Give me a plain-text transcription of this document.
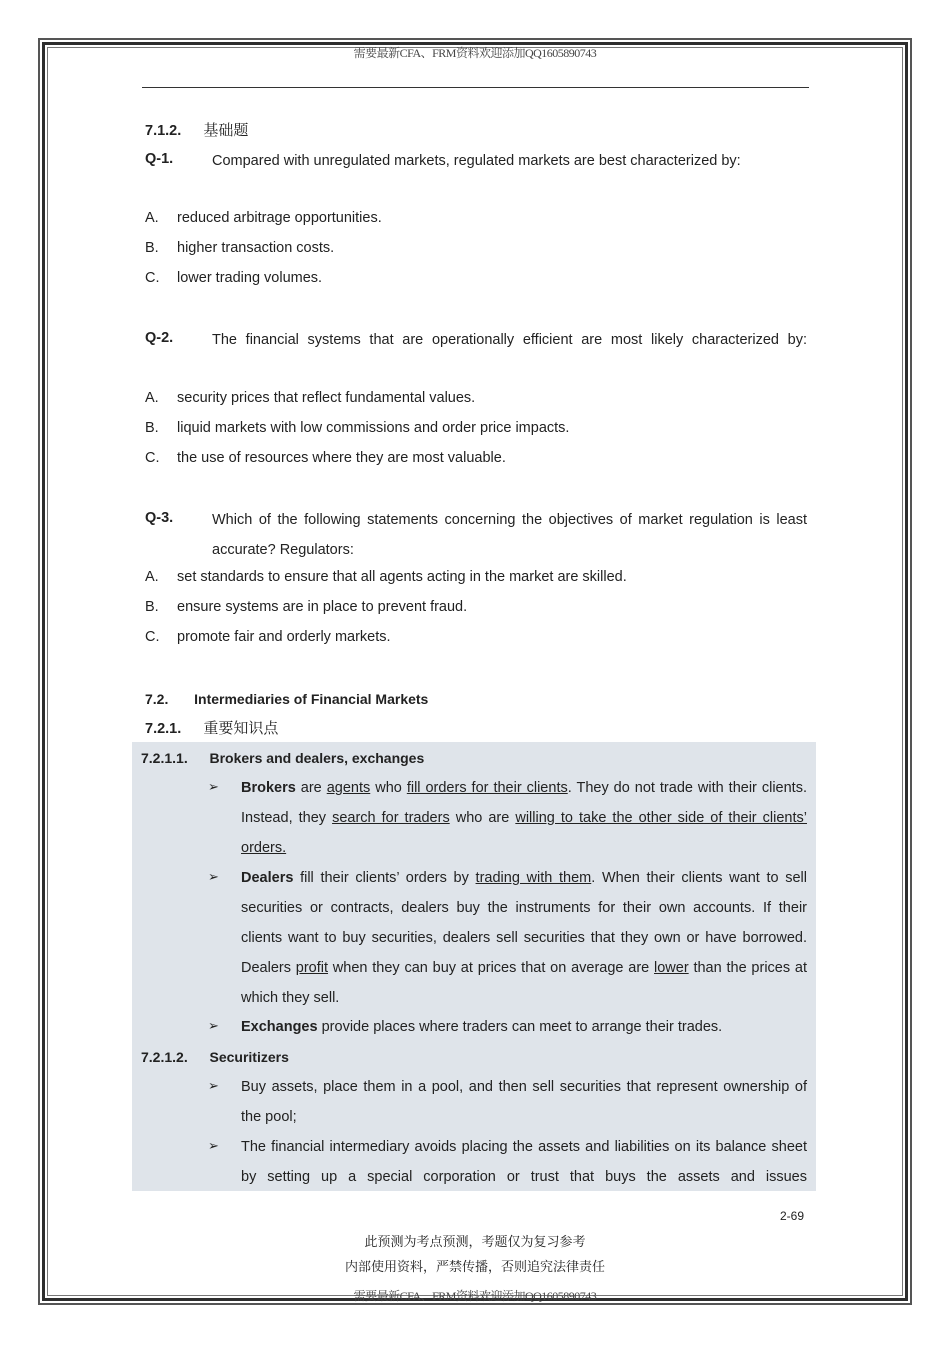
需要最新CFA、FRM资料欢迎添加QQ1605890743
7.1.2. 基础题
Q-1.	Compared with unregulated markets, regulated markets are best characterized by:
A. reduced arbitrage opportunities.
B. higher transaction costs.
C. lower trading volumes.
Q-2.	The financial systems that are operationally efficient are most likely characterized by:
A. security prices that reflect fundamental values.
B. liquid markets with low commissions and order price impacts.
C. the use of resources where they are most valuable.
Q-3.	Which of the following statements concerning the objectives of market regulation is least accurate? Regulators:
A. set standards to ensure that all agents acting in the market are skilled.
B. ensure systems are in place to prevent fraud.
C. promote fair and orderly markets.
7.2. Intermediaries of Financial Markets
7.2.1. 重要知识点
7.2.1.1. Brokers and dealers, exchanges
➢ Brokers are agents who fill orders for their clients. They do not trade with their clients. Instead, they search for traders who are willing to take the other side of their clients’ orders.
➢ Dealers fill their clients’ orders by trading with them. When their clients want to sell securities or contracts, dealers buy the instruments for their own accounts. If their clients want to buy securities, dealers sell securities that they own or have borrowed. Dealers profit when they can buy at prices that on average are lower than the prices at which they sell.
➢ Exchanges provide places where traders can meet to arrange their trades.
7.2.1.2. Securitizers
➢ Buy assets, place them in a pool, and then sell securities that represent ownership of the pool;
➢ The financial intermediary avoids placing the assets and liabilities on its balance sheet by setting up a special corporation or trust that buys the assets and issues
2-69
此预测为考点预测，考题仅为复习参考
内部使用资料，严禁传播，否则追究法律责任
需要最新CFA、FRM资料欢迎添加QQ1605890743
